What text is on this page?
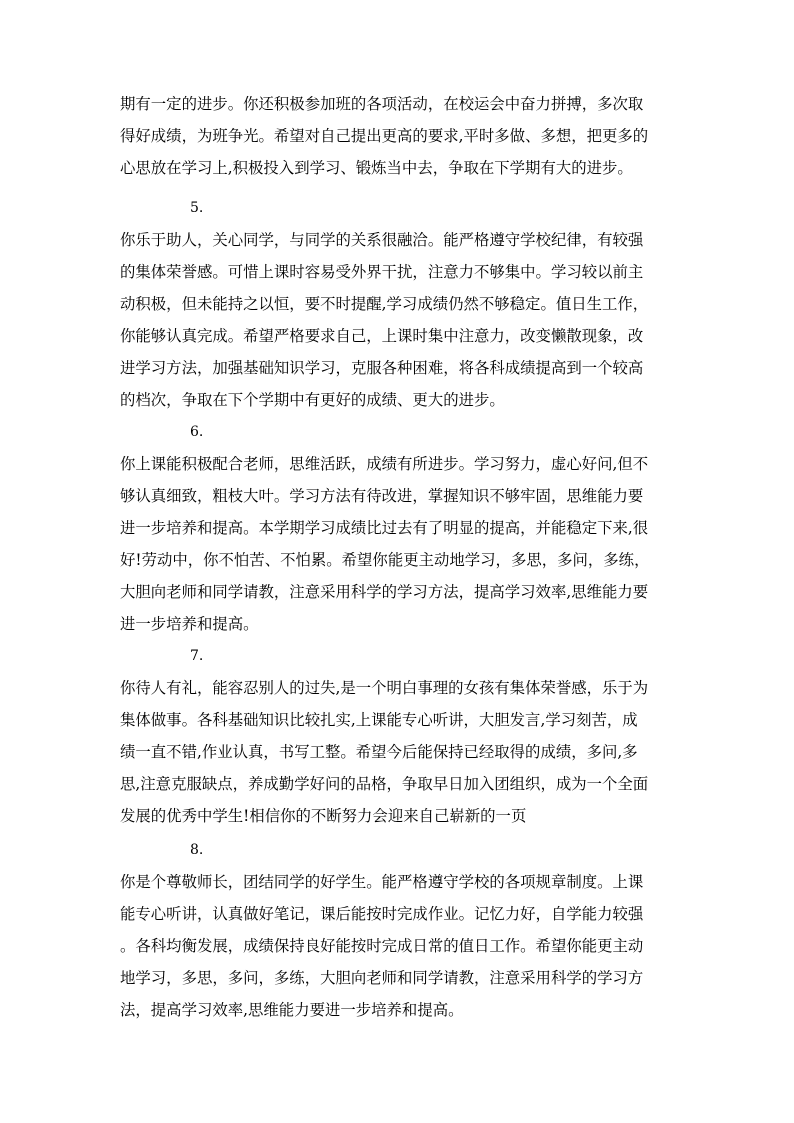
期有一定的进步。你还积极参加班的各项活动，在校运会中奋力拼搏，多次取
得好成绩，为班争光。希望对自己提出更高的要求,平时多做、多想，把更多的
心思放在学习上,积极投入到学习、锻炼当中去，争取在下学期有大的进步。
5.
你乐于助人，关心同学，与同学的关系很融洽。能严格遵守学校纪律，有较强
的集体荣誉感。可惜上课时容易受外界干扰，注意力不够集中。学习较以前主
动积极，但未能持之以恒，要不时提醒,学习成绩仍然不够稳定。值日生工作，
你能够认真完成。希望严格要求自己，上课时集中注意力，改变懒散现象，改
进学习方法，加强基础知识学习，克服各种困难，将各科成绩提高到一个较高
的档次，争取在下个学期中有更好的成绩、更大的进步。
6.
你上课能积极配合老师，思维活跃，成绩有所进步。学习努力，虚心好问,但不
够认真细致，粗枝大叶。学习方法有待改进，掌握知识不够牢固，思维能力要
进一步培养和提高。本学期学习成绩比过去有了明显的提高，并能稳定下来,很
好!劳动中，你不怕苦、不怕累。希望你能更主动地学习，多思，多问，多练，
大胆向老师和同学请教，注意采用科学的学习方法，提高学习效率,思维能力要
进一步培养和提高。
7.
你待人有礼，能容忍别人的过失,是一个明白事理的女孩有集体荣誉感，乐于为
集体做事。各科基础知识比较扎实,上课能专心听讲，大胆发言,学习刻苦，成
绩一直不错,作业认真，书写工整。希望今后能保持已经取得的成绩，多问,多
思,注意克服缺点，养成勤学好问的品格，争取早日加入团组织，成为一个全面
发展的优秀中学生!相信你的不断努力会迎来自己崭新的一页
8.
你是个尊敬师长，团结同学的好学生。能严格遵守学校的各项规章制度。上课
能专心听讲，认真做好笔记，课后能按时完成作业。记忆力好，自学能力较强
。各科均衡发展，成绩保持良好能按时完成日常的值日工作。希望你能更主动
地学习，多思，多问，多练，大胆向老师和同学请教，注意采用科学的学习方
法，提高学习效率,思维能力要进一步培养和提高。
